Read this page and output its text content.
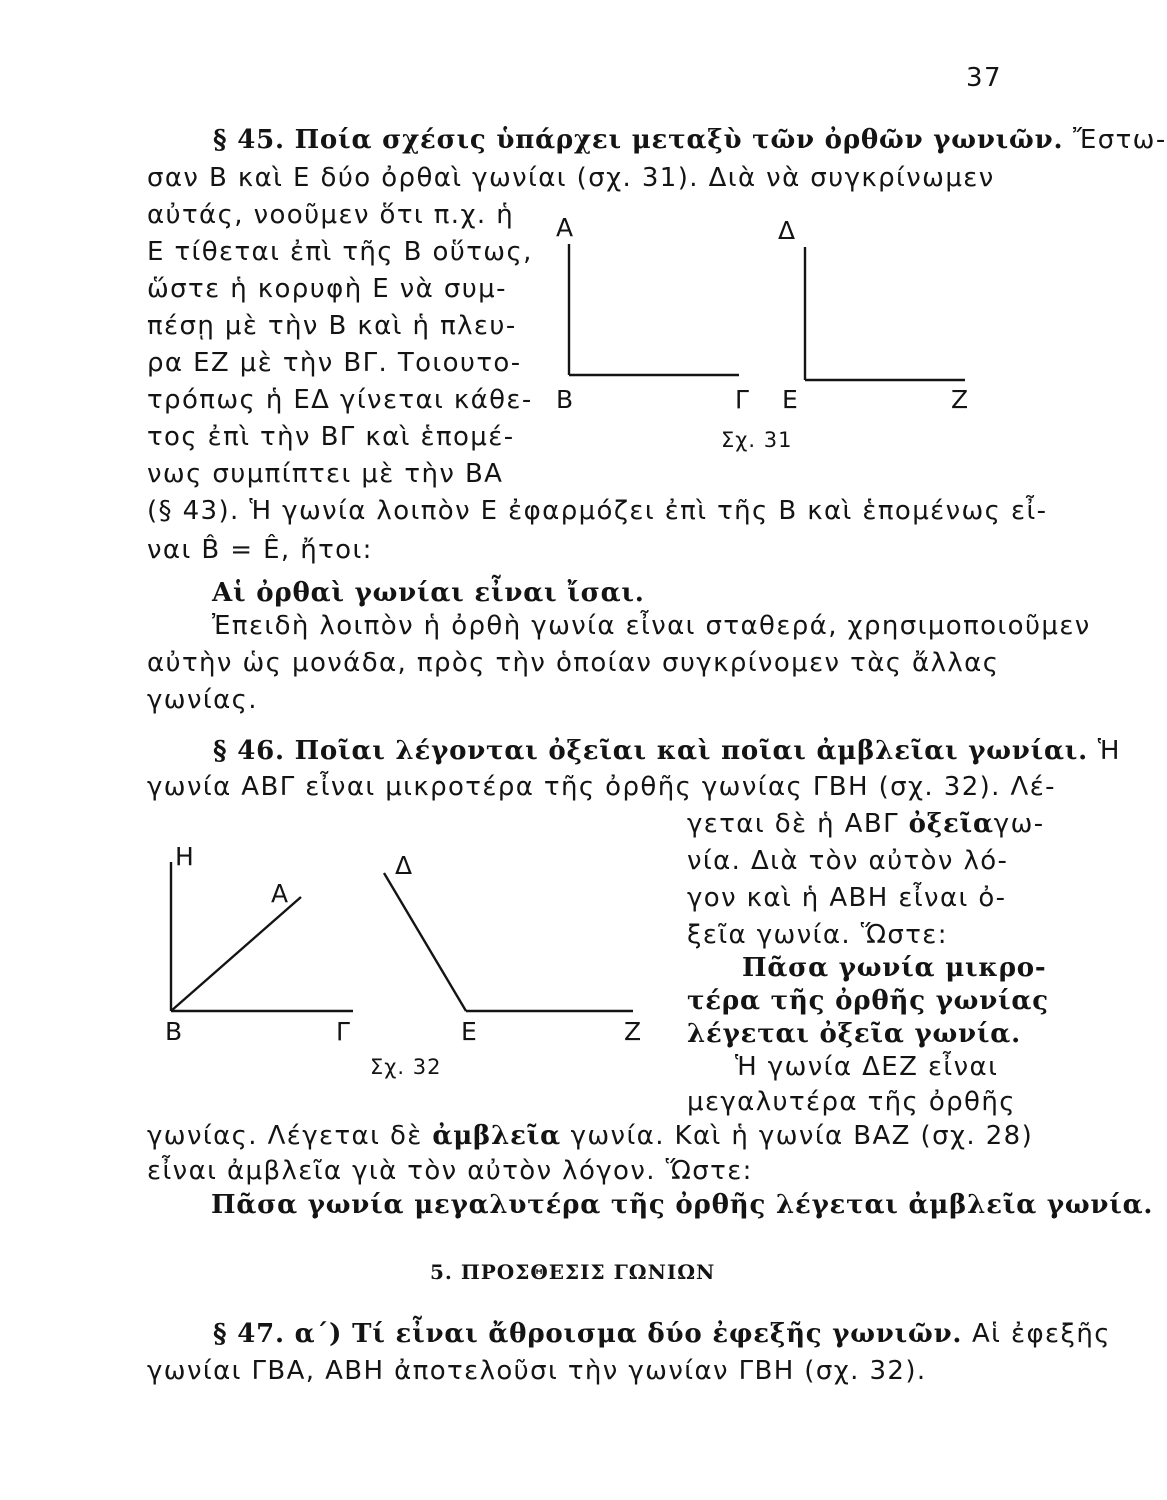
37
§ 45. Ποία σχέσις ὑπάρχει μεταξὺ τῶν ὀρθῶν γωνιῶν. Ἔστω-
σαν Β καὶ Ε δύο ὀρθαὶ γωνίαι (σχ. 31). Διὰ νὰ συγκρίνωμεν
αὐτάς, νοοῦμεν ὅτι π.χ. ἡ
Ε τίθεται ἐπὶ τῆς Β οὕτως,
ὥστε ἡ κορυφὴ Ε νὰ συμ-
πέσῃ μὲ τὴν Β καὶ ἡ πλευ-
ρα ΕΖ μὲ τὴν ΒΓ. Τοιουτο-
τρόπως ἡ ΕΔ γίνεται κάθε-
τος ἐπὶ τὴν ΒΓ καὶ ἑπομέ-
νως συμπίπτει μὲ τὴν ΒΑ
(§ 43). Ἡ γωνία λοιπὸν Ε ἐφαρμόζει ἐπὶ τῆς Β καὶ ἑπομένως εἶ-
ναι B̂ = Ê, ἤτοι:
Αἱ ὀρθαὶ γωνίαι εἶναι ἴσαι.
Ἐπειδὴ λοιπὸν ἡ ὀρθὴ γωνία εἶναι σταθερά, χρησιμοποιοῦμεν
αὐτὴν ὡς μονάδα, πρὸς τὴν ὁποίαν συγκρίνομεν τὰς ἄλλας
γωνίας.
Α	Δ
Β	Γ Ε	Ζ
Σχ. 31
§ 46. Ποῖαι λέγονται ὀξεῖαι καὶ ποῖαι ἀμβλεῖαι γωνίαι. Ἡ
γωνία ΑΒΓ εἶναι μικροτέρα τῆς ὀρθῆς γωνίας ΓΒΗ (σχ. 32). Λέ-
γεται δὲ ἡ ΑΒΓ ὀξεῖαγω-
νία. Διὰ τὸν αὐτὸν λό-
γον καὶ ἡ ΑΒΗ εἶναι ὀ-
ξεῖα γωνία. Ὥστε:
Πᾶσα γωνία μικρο-
τέρα τῆς ὀρθῆς γωνίας
λέγεται ὀξεῖα γωνία.
Ἡ γωνία ΔΕΖ εἶναι
μεγαλυτέρα τῆς ὀρθῆς
γωνίας. Λέγεται δὲ ἀμβλεῖα γωνία. Καὶ ἡ γωνία ΒΑΖ (σχ. 28)
εἶναι ἀμβλεῖα γιὰ τὸν αὐτὸν λόγον. Ὥστε:
Πᾶσα γωνία μεγαλυτέρα τῆς ὀρθῆς λέγεται ἀμβλεῖα γωνία.
Η
Α
Β	Γ
Δ
Ε	Ζ
Σχ. 32
5. ΠΡΟΣΘΕΣΙΣ ΓΩΝΙΩΝ
§ 47. α΄) Τί εἶναι ἄθροισμα δύο ἐφεξῆς γωνιῶν. Αἱ ἐφεξῆς
γωνίαι ΓΒΑ, ΑΒΗ ἀποτελοῦσι τὴν γωνίαν ΓΒΗ (σχ. 32).
